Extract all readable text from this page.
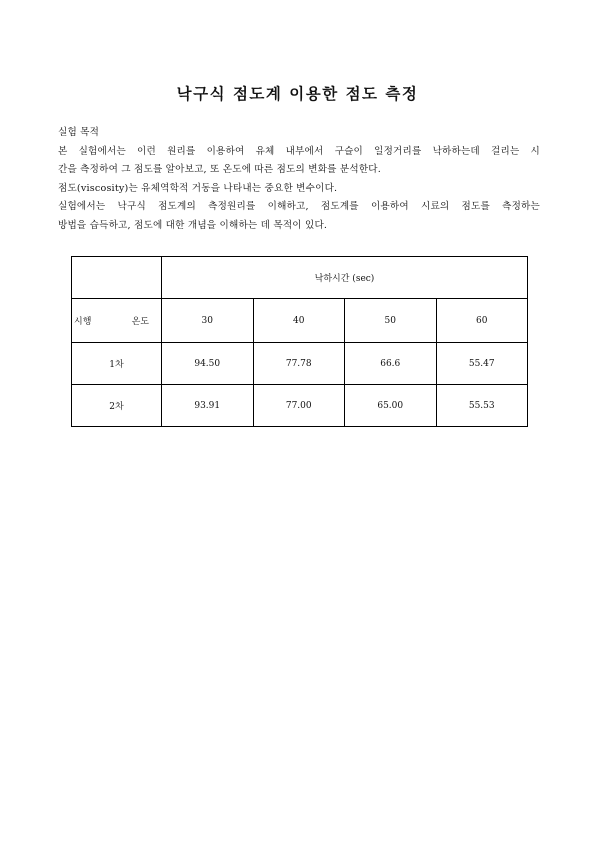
낙구식 점도계 이용한 점도 측정

실험 목적

본 실험에서는 이런 원리를 이용하여 유체 내부에서 구슬이 일정거리를 낙하하는데 걸리는 시

간을 측정하여 그 점도를 알아보고, 또 온도에 따른 점도의 변화를 분석한다.

점도(viscosity)는 유체역학적 거동을 나타내는 중요한 변수이다.

실험에서는 낙구식 점도계의 측정원리를 이해하고, 점도계를 이용하여 시료의 점도를 측정하는

방법을 습득하고, 점도에 대한 개념을 이해하는 데 목적이 있다.

	낙하시간 (sec)			

시행 온도	30	40	50	60
1차	94.50	77.78	66.6	55.47
2차	93.91	77.00	65.00	55.53
